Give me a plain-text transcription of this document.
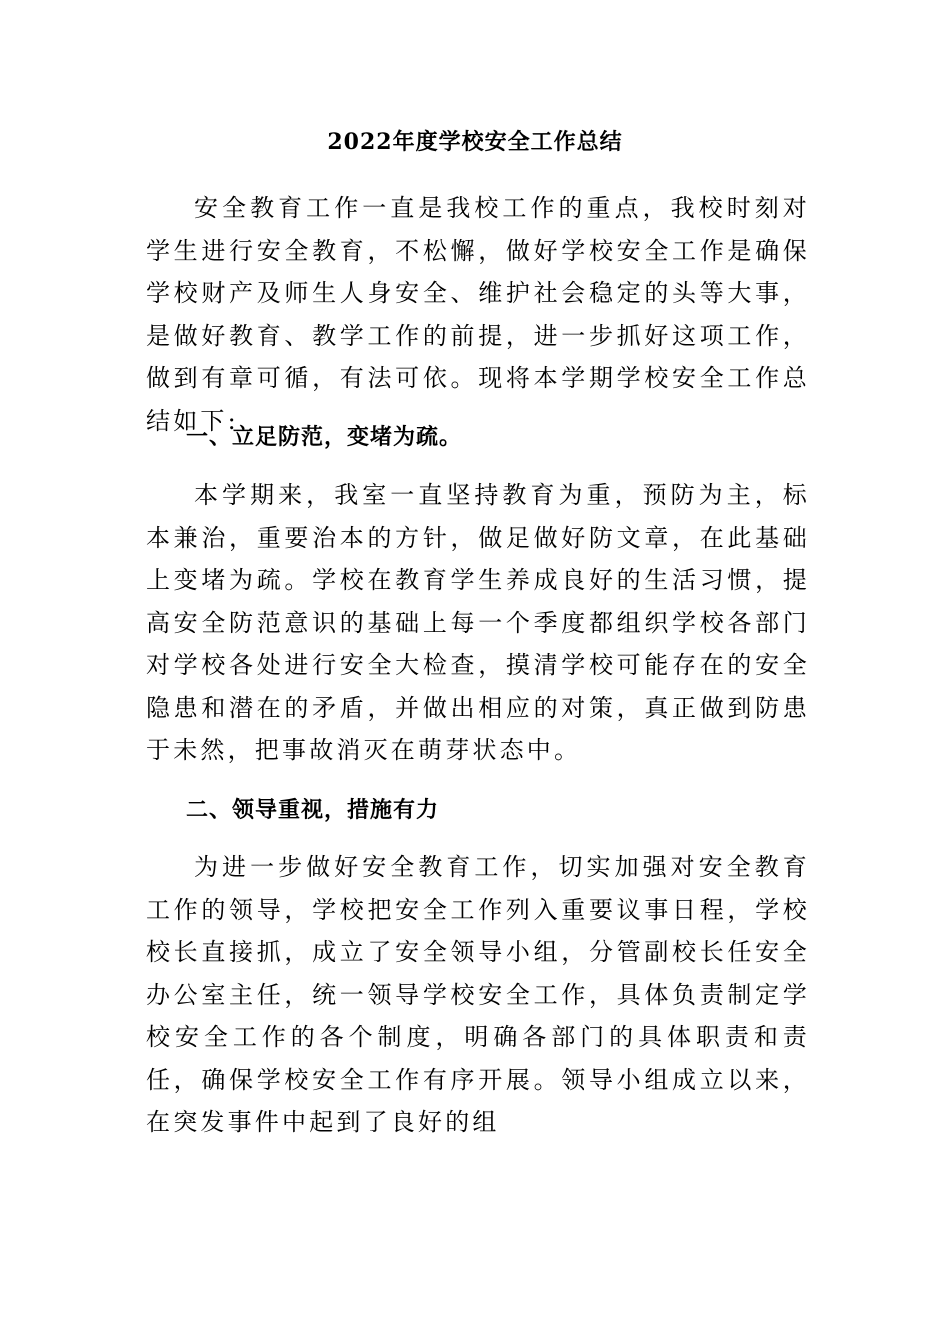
2022年度学校安全工作总结

安全教育工作一直是我校工作的重点，我校时刻对学生进行安全教育，不松懈，做好学校安全工作是确保学校财产及师生人身安全、维护社会稳定的头等大事，是做好教育、教学工作的前提，进一步抓好这项工作，做到有章可循，有法可依。现将本学期学校安全工作总结如下:

一、立足防范，变堵为疏。

本学期来，我室一直坚持教育为重，预防为主，标本兼治，重要治本的方针，做足做好防文章，在此基础上变堵为疏。学校在教育学生养成良好的生活习惯，提高安全防范意识的基础上每一个季度都组织学校各部门对学校各处进行安全大检查，摸清学校可能存在的安全隐患和潜在的矛盾，并做出相应的对策，真正做到防患于未然，把事故消灭在萌芽状态中。

二、领导重视，措施有力

为进一步做好安全教育工作，切实加强对安全教育工作的领导，学校把安全工作列入重要议事日程，学校校长直接抓，成立了安全领导小组，分管副校长任安全办公室主任，统一领导学校安全工作，具体负责制定学校安全工作的各个制度，明确各部门的具体职责和责任，确保学校安全工作有序开展。领导小组成立以来，在突发事件中起到了良好的组
